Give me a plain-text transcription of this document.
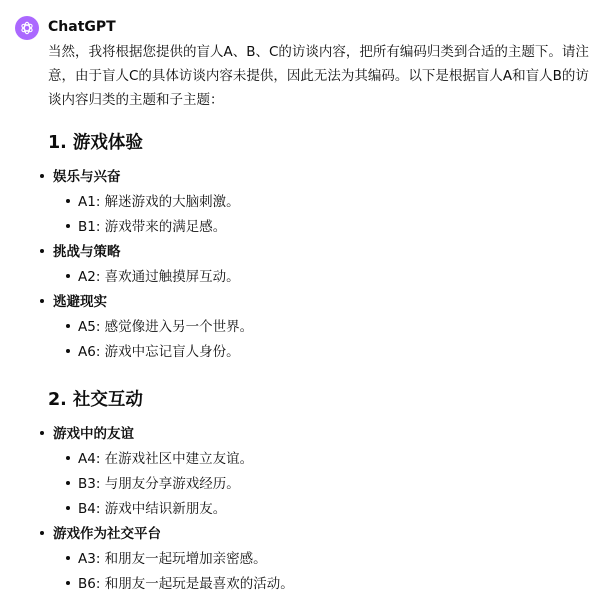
ChatGPT

当然，我将根据您提供的盲人A、B、C的访谈内容，把所有编码归类到合适的主题下。请注意，由于盲人C的具体访谈内容未提供，因此无法为其编码。以下是根据盲人A和盲人B的访谈内容归类的主题和子主题：

1. 游戏体验
娱乐与兴奋
A1: 解迷游戏的大脑刺激。
B1: 游戏带来的满足感。
挑战与策略
A2: 喜欢通过触摸屏互动。
逃避现实
A5: 感觉像进入另一个世界。
A6: 游戏中忘记盲人身份。
2. 社交互动
游戏中的友谊
A4: 在游戏社区中建立友谊。
B3: 与朋友分享游戏经历。
B4: 游戏中结识新朋友。
游戏作为社交平台
A3: 和朋友一起玩增加亲密感。
B6: 和朋友一起玩是最喜欢的活动。
